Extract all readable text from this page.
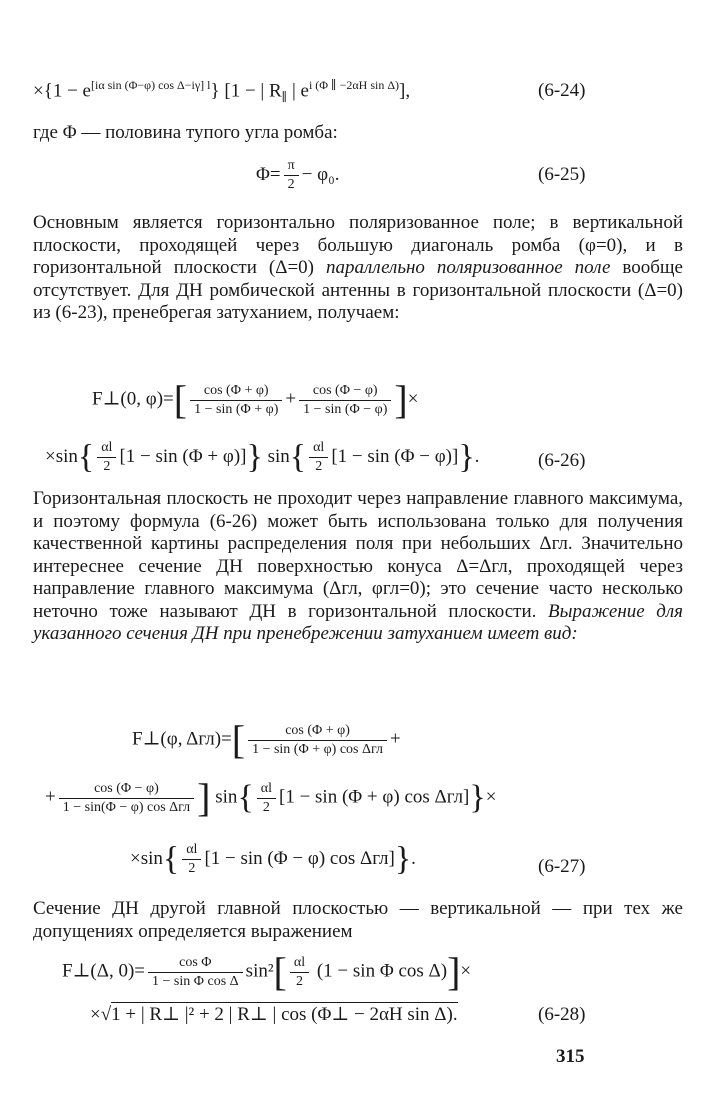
$\times\{1 - e^{[i\alpha sin (\Phi-\varphi) cos \Delta-i\gamma] l}\}$ [1 − | $R_\parallel$ | $e^{i (\Phi \parallel -2\alpha H sin \Delta)}$],	(6-24)
где Φ — половина тупого угла ромба:
$\Phi= \frac{\pi}{2} - \varphi_0$.	(6-25)

Основным является горизонтально поляризованное поле; в вертикальной плоскости, проходящей через большую диагональ ромба (φ=0), и в горизонтальной плоскости (Δ=0) параллельно поляризованное поле вообще отсутствует. Для ДН ромбической антенны в горизонтальной плоскости (Δ=0) из (6-23), пренебрегая затуханием, получаем:

F⊥(0, $\varphi)=[ \frac{\cos (\Phi + \varphi)}{1 - \sin (\Phi + \varphi)} + \frac{\cos (\Phi - \varphi)}{1 - \sin (\Phi - \varphi)}$ ]×
$\times\sin\{ \frac{\alpha l}{2} [1 - \sin (\Phi + \varphi)]\}$ $\sin\{ \frac{\alpha l}{2} [1 - \sin (\Phi - \varphi)]\}$.	(6-26)

Горизонтальная плоскость не проходит через направление главного максимума, и поэтому формула (6-26) может быть использована только для получения качественной картины распределения поля при небольших Δгл. Значительно интереснее сечение ДН поверхностью конуса Δ=Δгл, проходящей через направление главного максимума (Δгл, φгл=0); это сечение часто несколько неточно тоже называют ДН в горизонтальной плоскости. Выражение для указанного сечения ДН при пренебрежении затуханием имеет вид:

F⊥(φ, $\Delta гл)=[ \frac{\cos (\Phi + \varphi)}{\text{1 − sin (Φ + φ) cos Δгл}}$ +
+ $\frac{\cos (\Phi - \varphi)}{\text{1 − sin(Φ − φ) cos Δгл}}$ ] $\sin\{ \frac{\alpha l}{2} [1 - \sin (\Phi + \varphi)$ cos Δгл]}×
$\times\sin\{ \frac{\alpha l}{2} [1 - \sin (\Phi - \varphi)$ cos Δгл]}.	(6-27)

Сечение ДН другой главной плоскостью — вертикальной — при тех же допущениях определяется выражением

F⊥(Δ, $0)= \frac{\text{cos Φ}}{\text{1 − sin Φ cos Δ}} \sin^2[ \frac{\alpha l}{2} (1 - \sin \Phi$ cos Δ)]×
×√1 + | R⊥ |² + 2 | R⊥ | cos (Φ⊥ − 2αH sin Δ).	(6-28)
315
